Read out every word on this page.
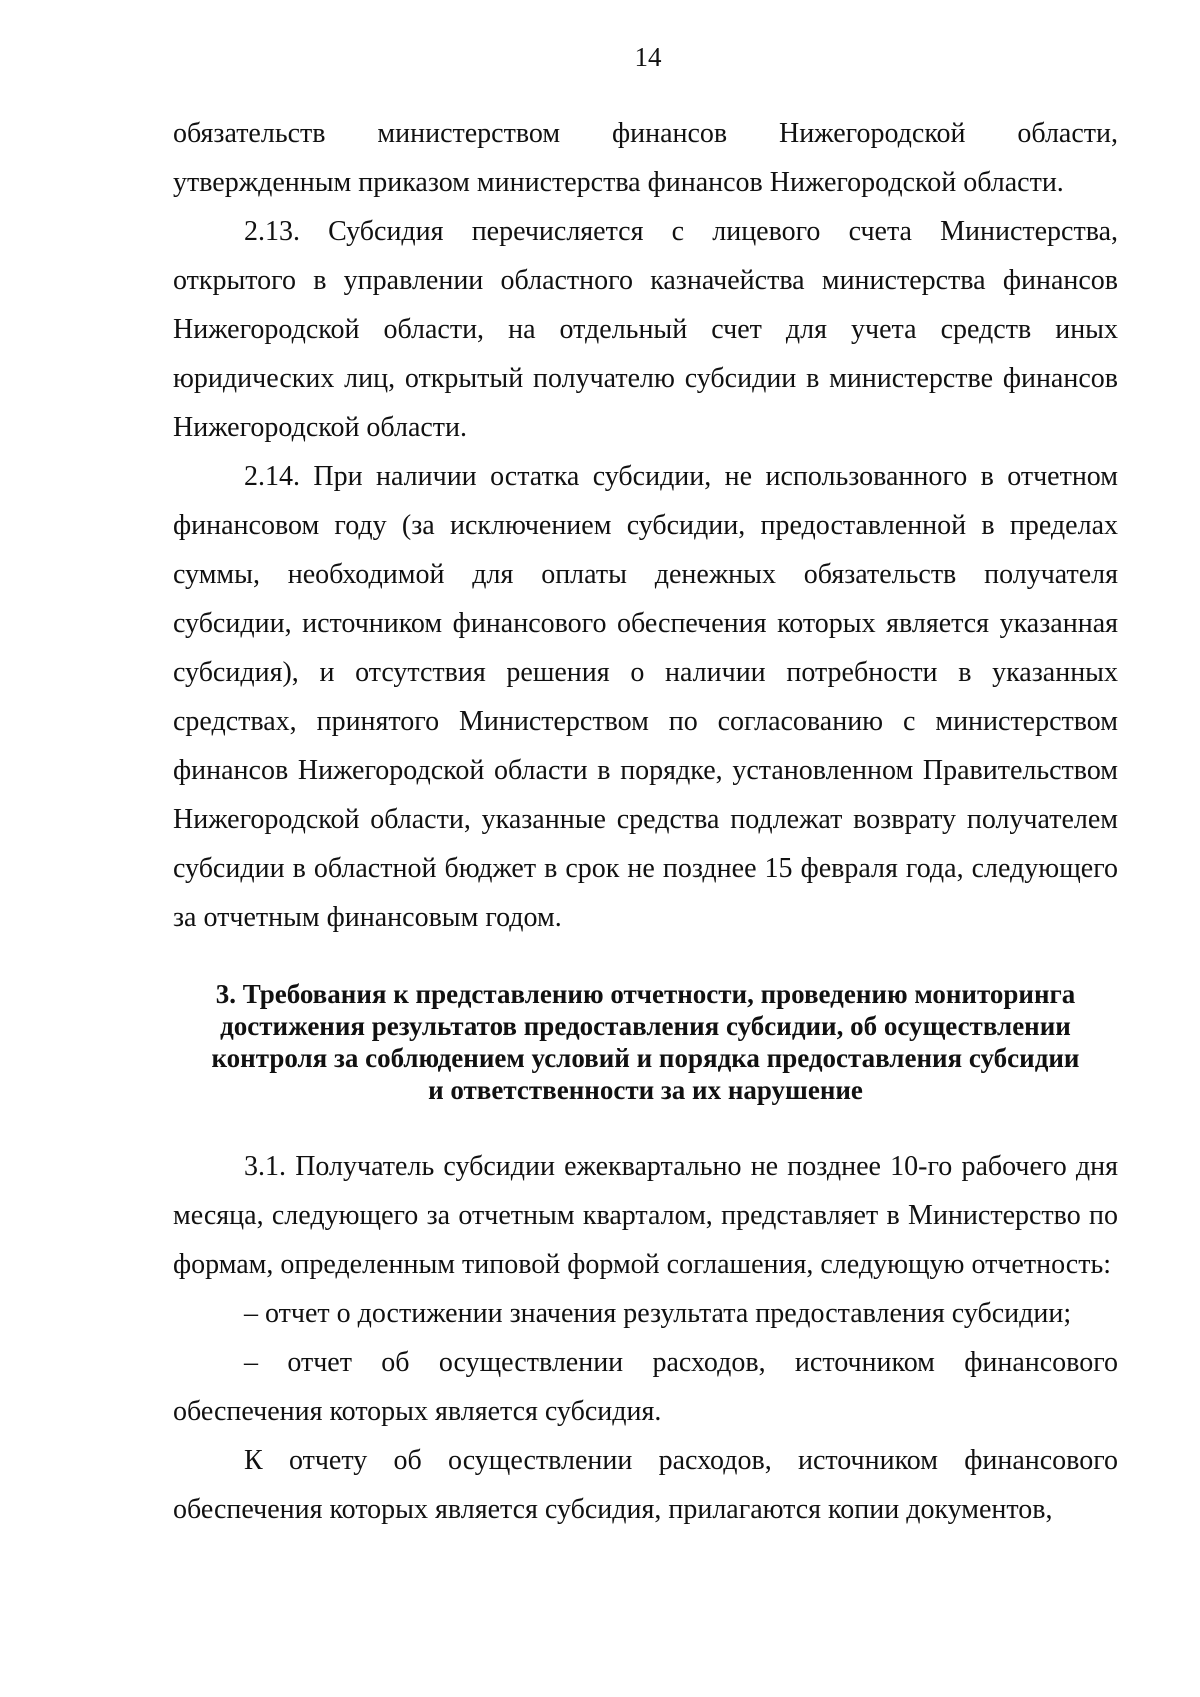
14

обязательств министерством финансов Нижегородской области, утвержденным приказом министерства финансов Нижегородской области.

2.13. Субсидия перечисляется с лицевого счета Министерства, открытого в управлении областного казначейства министерства финансов Нижегородской области, на отдельный счет для учета средств иных юридических лиц, открытый получателю субсидии в министерстве финансов Нижегородской области.

2.14. При наличии остатка субсидии, не использованного в отчетном финансовом году (за исключением субсидии, предоставленной в пределах суммы, необходимой для оплаты денежных обязательств получателя субсидии, источником финансового обеспечения которых является указанная субсидия), и отсутствия решения о наличии потребности в указанных средствах, принятого Министерством по согласованию с министерством финансов Нижегородской области в порядке, установленном Правительством Нижегородской области, указанные средства подлежат возврату получателем субсидии в областной бюджет в срок не позднее 15 февраля года, следующего за отчетным финансовым годом.

3. Требования к представлению отчетности, проведению мониторинга
достижения результатов предоставления субсидии, об осуществлении
контроля за соблюдением условий и порядка предоставления субсидии
и ответственности за их нарушение

3.1. Получатель субсидии ежеквартально не позднее 10-го рабочего дня месяца, следующего за отчетным кварталом, представляет в Министерство по формам, определенным типовой формой соглашения, следующую отчетность:

– отчет о достижении значения результата предоставления субсидии;

– отчет об осуществлении расходов, источником финансового обеспечения которых является субсидия.

К отчету об осуществлении расходов, источником финансового обеспечения которых является субсидия, прилагаются копии документов,
